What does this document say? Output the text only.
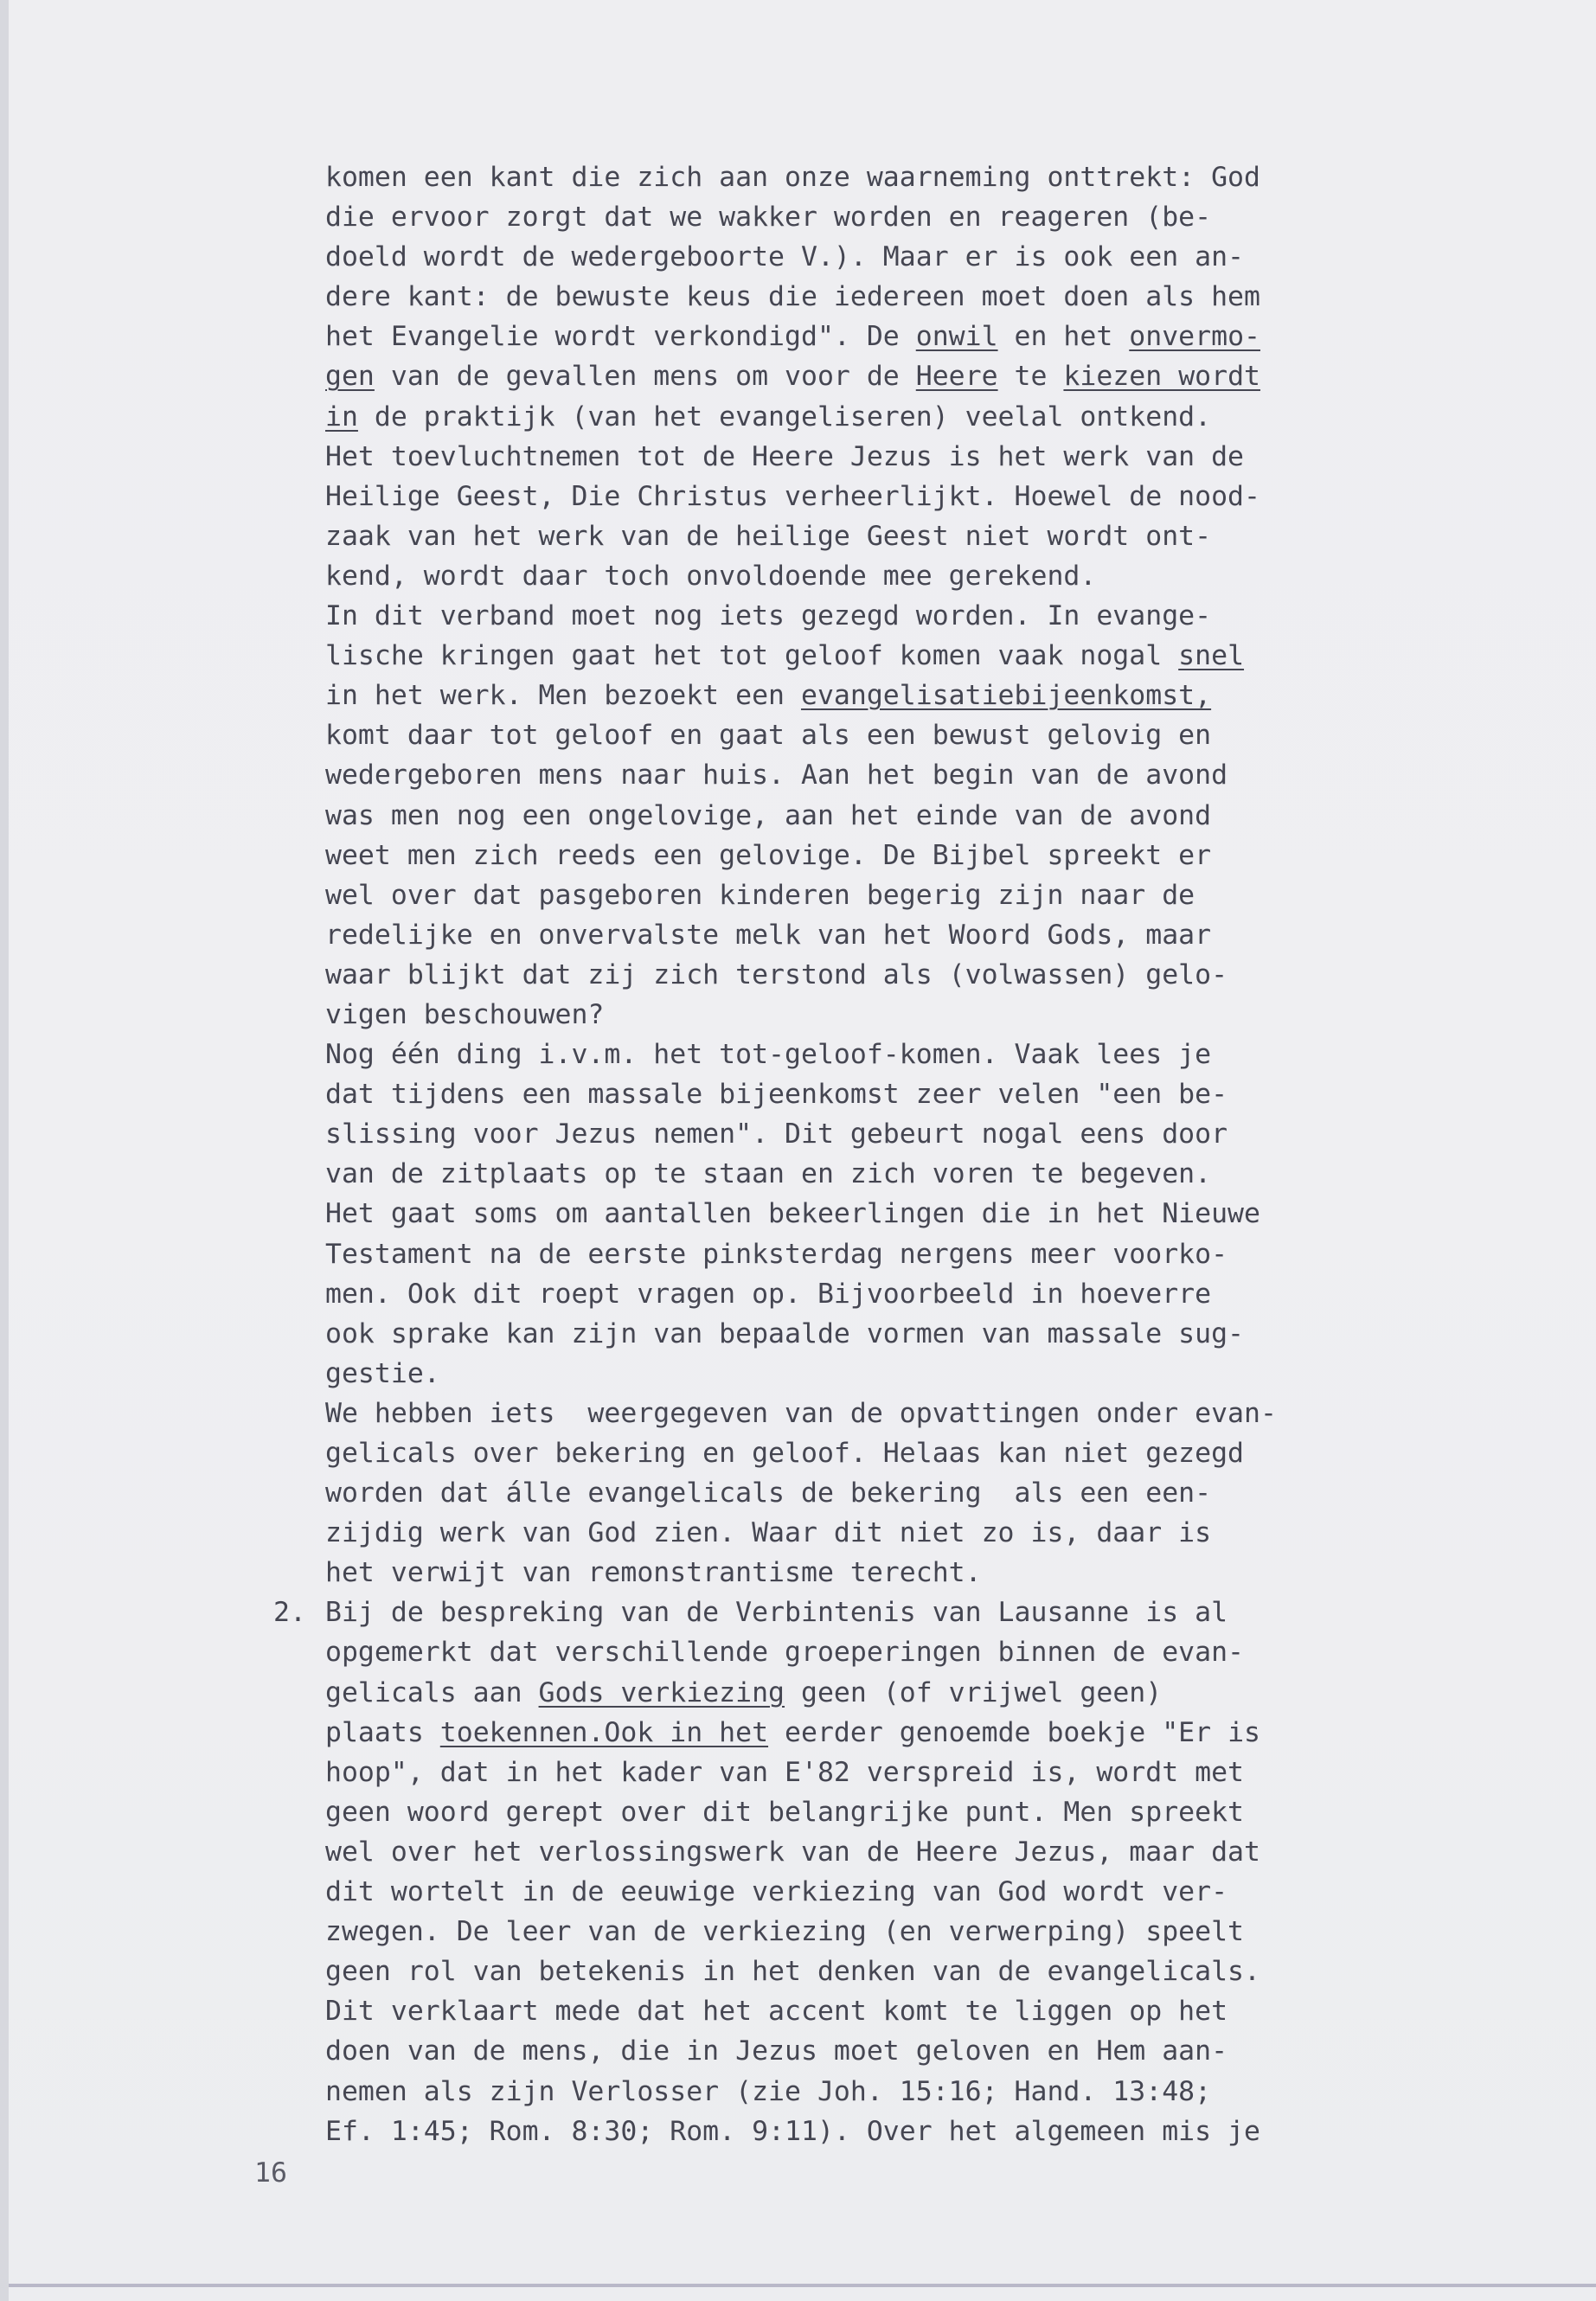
komen een kant die zich aan onze waarneming onttrekt: God
die ervoor zorgt dat we wakker worden en reageren (be-
doeld wordt de wedergeboorte V.). Maar er is ook een an-
dere kant: de bewuste keus die iedereen moet doen als hem
het Evangelie wordt verkondigd". De onwil en het onvermo-
gen van de gevallen mens om voor de Heere te kiezen wordt
in de praktijk (van het evangeliseren) veelal ontkend.
Het toevluchtnemen tot de Heere Jezus is het werk van de
Heilige Geest, Die Christus verheerlijkt. Hoewel de nood-
zaak van het werk van de heilige Geest niet wordt ont-
kend, wordt daar toch onvoldoende mee gerekend.
In dit verband moet nog iets gezegd worden. In evange-
lische kringen gaat het tot geloof komen vaak nogal snel
in het werk. Men bezoekt een evangelisatiebijeenkomst,
komt daar tot geloof en gaat als een bewust gelovig en
wedergeboren mens naar huis. Aan het begin van de avond
was men nog een ongelovige, aan het einde van de avond
weet men zich reeds een gelovige. De Bijbel spreekt er
wel over dat pasgeboren kinderen begerig zijn naar de
redelijke en onvervalste melk van het Woord Gods, maar
waar blijkt dat zij zich terstond als (volwassen) gelo-
vigen beschouwen?
Nog één ding i.v.m. het tot-geloof-komen. Vaak lees je
dat tijdens een massale bijeenkomst zeer velen "een be-
slissing voor Jezus nemen". Dit gebeurt nogal eens door
van de zitplaats op te staan en zich voren te begeven.
Het gaat soms om aantallen bekeerlingen die in het Nieuwe
Testament na de eerste pinksterdag nergens meer voorko-
men. Ook dit roept vragen op. Bijvoorbeeld in hoeverre
ook sprake kan zijn van bepaalde vormen van massale sug-
gestie.
We hebben iets  weergegeven van de opvattingen onder evan-
gelicals over bekering en geloof. Helaas kan niet gezegd
worden dat álle evangelicals de bekering  als een een-
zijdig werk van God zien. Waar dit niet zo is, daar is
het verwijt van remonstrantisme terecht.
2. Bij de bespreking van de Verbintenis van Lausanne is al
opgemerkt dat verschillende groeperingen binnen de evan-
gelicals aan Gods verkiezing geen (of vrijwel geen)
plaats toekennen.Ook in het eerder genoemde boekje "Er is
hoop", dat in het kader van E'82 verspreid is, wordt met
geen woord gerept over dit belangrijke punt. Men spreekt
wel over het verlossingswerk van de Heere Jezus, maar dat
dit wortelt in de eeuwige verkiezing van God wordt ver-
zwegen. De leer van de verkiezing (en verwerping) speelt
geen rol van betekenis in het denken van de evangelicals.
Dit verklaart mede dat het accent komt te liggen op het
doen van de mens, die in Jezus moet geloven en Hem aan-
nemen als zijn Verlosser (zie Joh. 15:16; Hand. 13:48;
Ef. 1:45; Rom. 8:30; Rom. 9:11). Over het algemeen mis je
16
